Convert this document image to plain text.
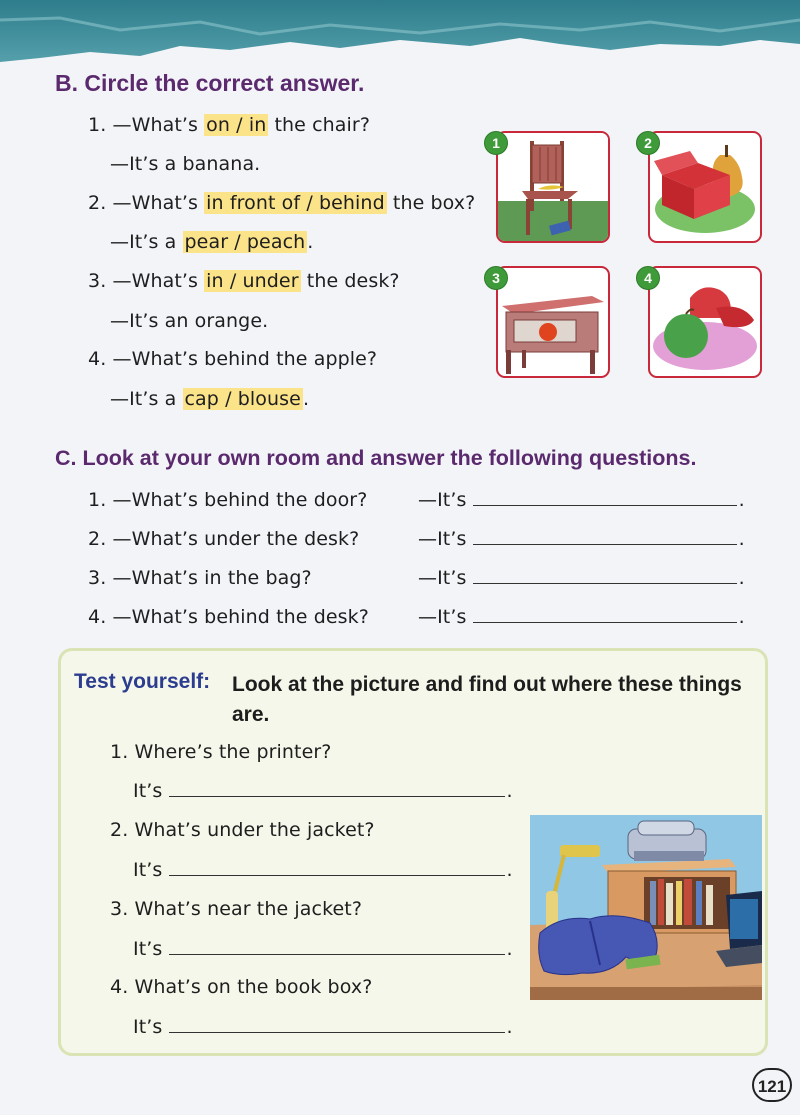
B. Circle the correct answer.
1. —What’s on / in the chair?
—It’s a banana.
2. —What’s in front of / behind the box?
—It’s a pear / peach .
3. —What’s in / under the desk?
—It’s an orange.
4. —What’s behind the apple?
—It’s a cap / blouse .
1	2
3	4
C. Look at your own room and answer the following questions.
1. —What’s behind the door?	—It’s	.
2. —What’s under the desk?	—It’s	.
3. —What’s in the bag?	—It’s	.
4. —What’s behind the desk?	—It’s	.
Test yourself: Look at the picture and find out where these things are.
1. Where’s the printer?
It’s	.
2. What’s under the jacket?
It’s	.
3. What’s near the jacket?
It’s	.
4. What’s on the book box?
It’s	.
121
